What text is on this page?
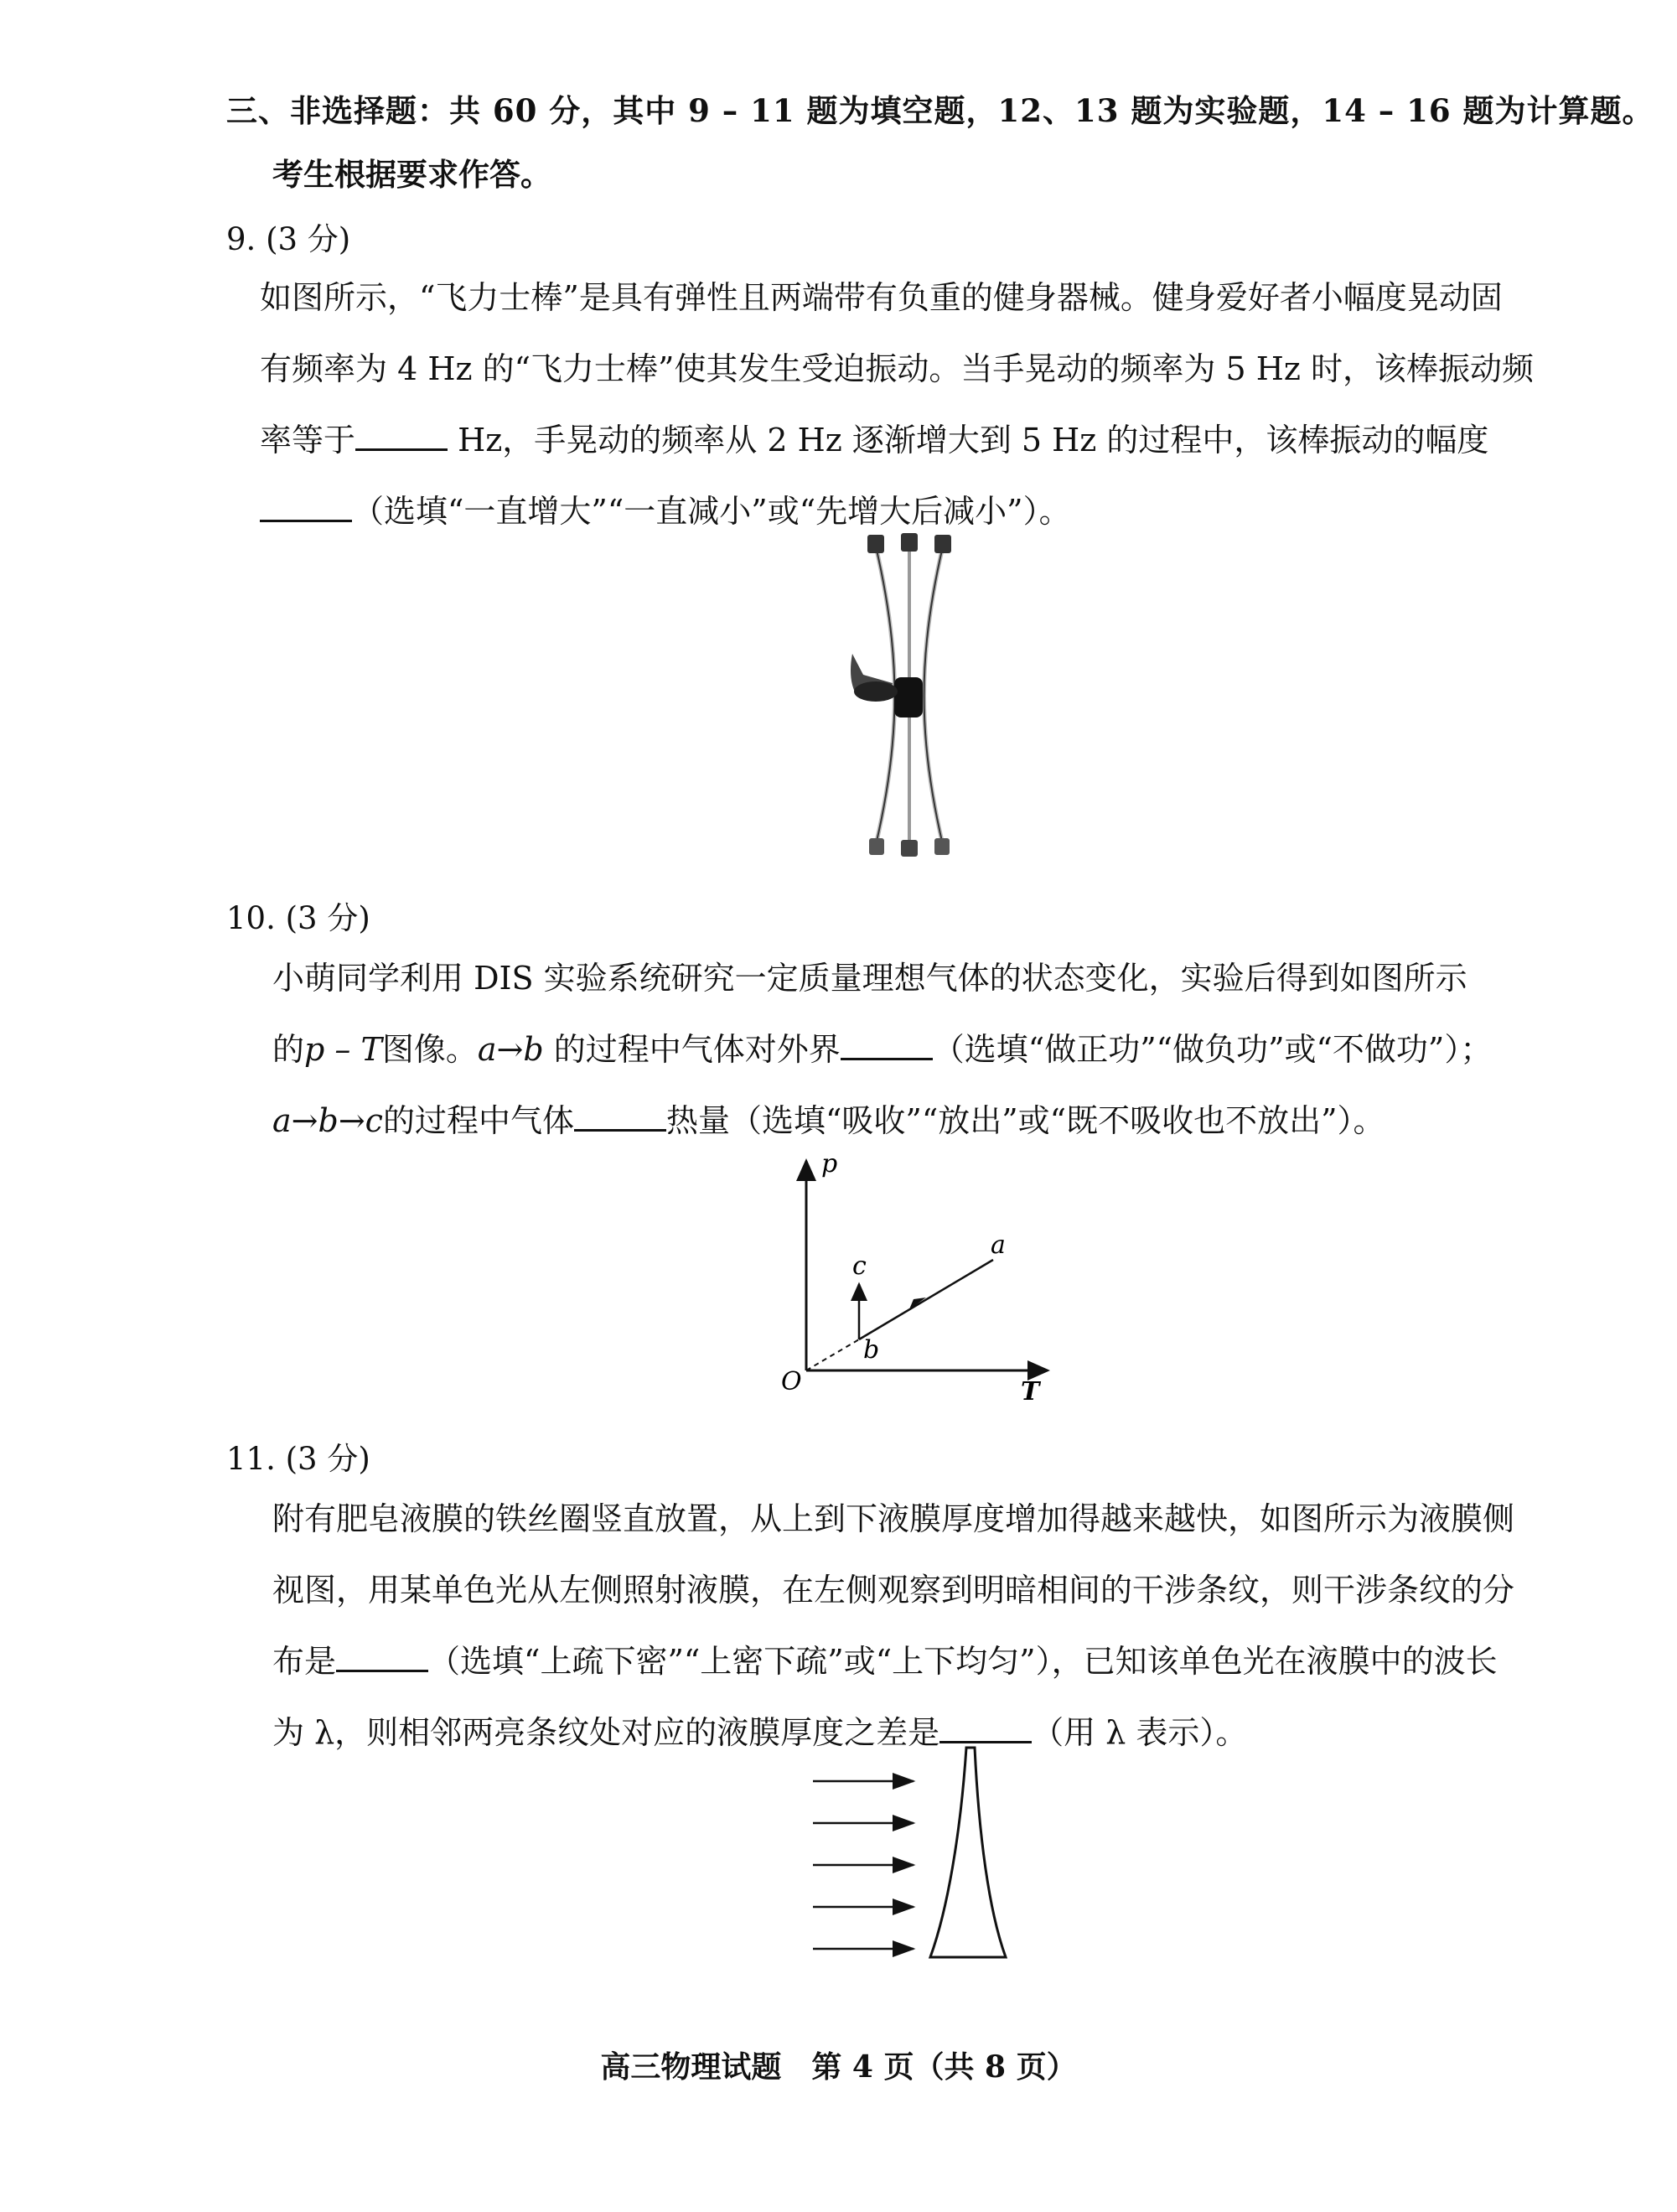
三、非选择题：共 60 分，其中 9 – 11 题为填空题，12、13 题为实验题，14 – 16 题为计算题。
考生根据要求作答。
9. (3 分)
如图所示，“飞力士棒”是具有弹性且两端带有负重的健身器械。健身爱好者小幅度晃动固
有频率为 4 Hz 的“飞力士棒”使其发生受迫振动。当手晃动的频率为 5 Hz 时，该棒振动频
率等于	Hz，手晃动的频率从 2 Hz 逐渐增大到 5 Hz 的过程中，该棒振动的幅度
（选填“一直增大”“一直减小”或“先增大后减小”）。
10. (3 分)
小萌同学利用 DIS 实验系统研究一定质量理想气体的状态变化，实验后得到如图所示
的p – T图像。a→b 的过程中气体对外界	（选填“做正功”“做负功”或“不做功”）；
a→b→c的过程中气体	热量（选填“吸收”“放出”或“既不吸收也不放出”）。
p
T
O
a
b
c
11. (3 分)
附有肥皂液膜的铁丝圈竖直放置，从上到下液膜厚度增加得越来越快，如图所示为液膜侧
视图，用某单色光从左侧照射液膜，在左侧观察到明暗相间的干涉条纹，则干涉条纹的分
布是	（选填“上疏下密”“上密下疏”或“上下均匀”），已知该单色光在液膜中的波长
为 λ，则相邻两亮条纹处对应的液膜厚度之差是	（用 λ 表示）。
高三物理试题　第 4 页（共 8 页）
